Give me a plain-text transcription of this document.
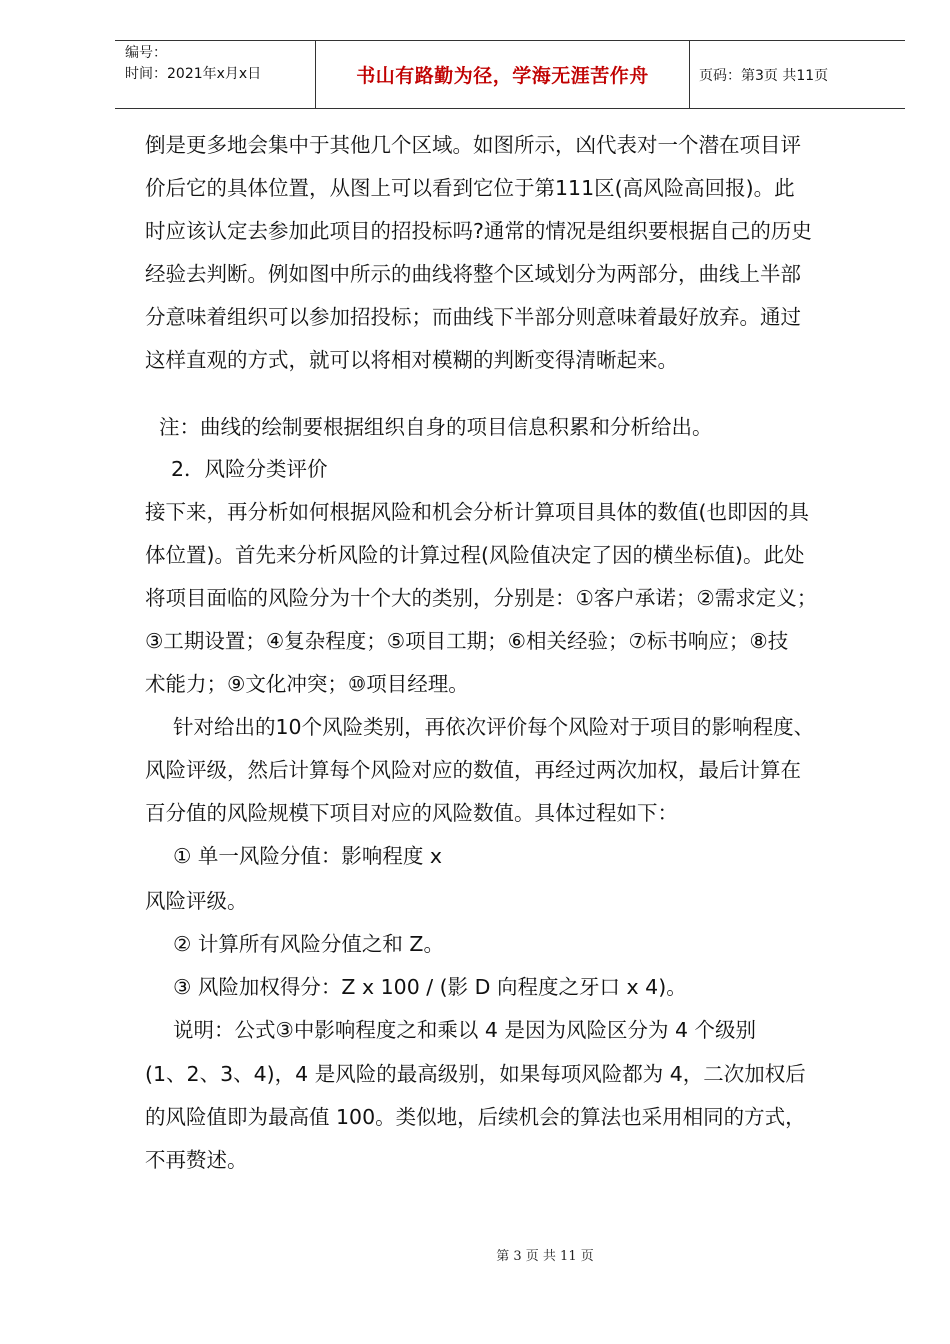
编号：
时间：2021年x月x日	书山有路勤为径，学海无涯苦作舟	页码：第3页 共11页
倒是更多地会集中于其他几个区域。如图所示，凶代表对一个潜在项目评
价后它的具体位置，从图上可以看到它位于第111区(高风险高回报)。此
时应该认定去参加此项目的招投标吗?通常的情况是组织要根据自己的历史
经验去判断。例如图中所示的曲线将整个区域划分为两部分，曲线上半部
分意味着组织可以参加招投标；而曲线下半部分则意味着最好放弃。通过
这样直观的方式，就可以将相对模糊的判断变得清晰起来。
注：曲线的绘制要根据组织自身的项目信息积累和分析给出。
2．风险分类评价
接下来，再分析如何根据风险和机会分析计算项目具体的数值(也即因的具
体位置)。首先来分析风险的计算过程(风险值决定了因的横坐标值)。此处
将项目面临的风险分为十个大的类别，分别是：①客户承诺；②需求定义；
③工期设置；④复杂程度；⑤项目工期；⑥相关经验；⑦标书响应；⑧技
术能力；⑨文化冲突；⑩项目经理。
针对给出的10个风险类别，再依次评价每个风险对于项目的影响程度、
风险评级，然后计算每个风险对应的数值，再经过两次加权，最后计算在
百分值的风险规模下项目对应的风险数值。具体过程如下：
① 单一风险分值：影响程度 x
风险评级。
② 计算所有风险分值之和 Z。
③ 风险加权得分：Z x 100 / (影 D 向程度之牙口 x 4)。
说明：公式③中影响程度之和乘以 4 是因为风险区分为 4 个级别
(1、2、3、4)，4 是风险的最高级别，如果每项风险都为 4，二次加权后
的风险值即为最高值 100。类似地，后续机会的算法也采用相同的方式，
不再赘述。
第 3 页 共 11 页
